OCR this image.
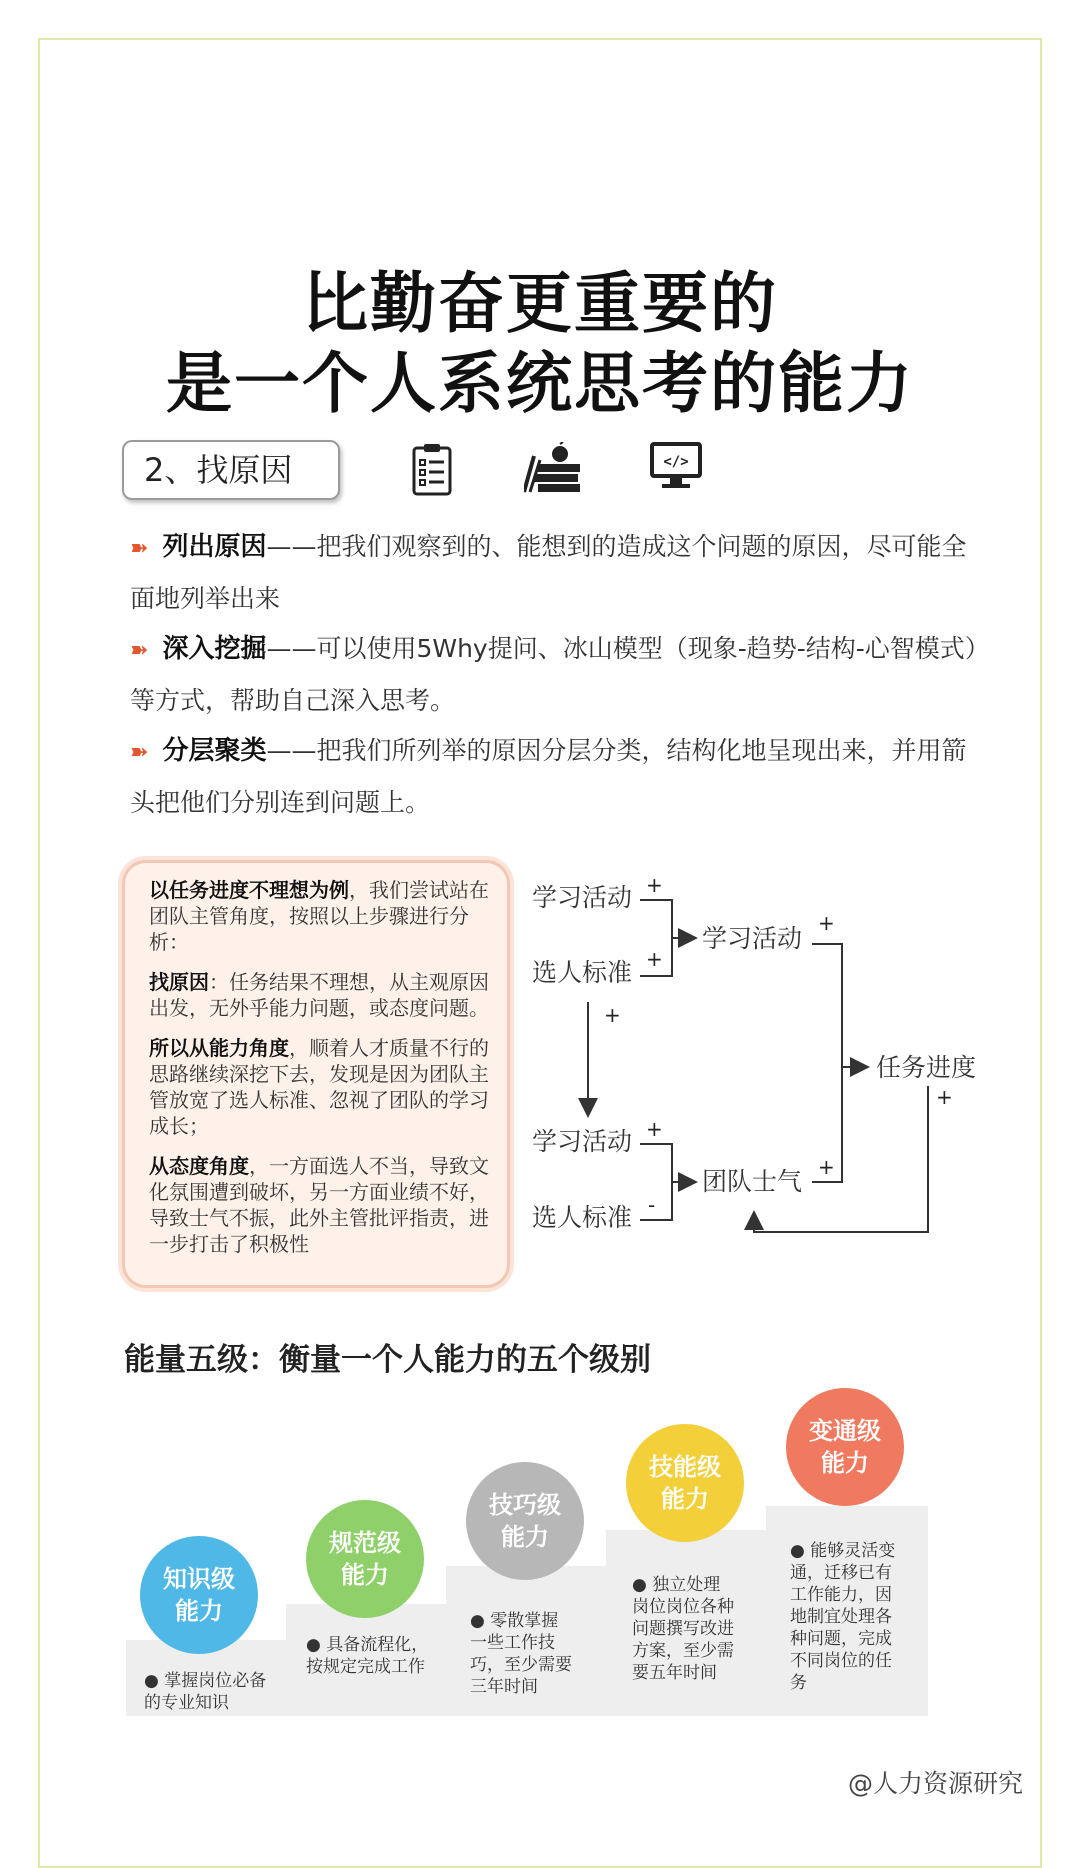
比勤奋更重要的
是一个人系统思考的能力
2、找原因	</>
➽ 列出原因——把我们观察到的、能想到的造成这个问题的原因，尽可能全面地列举出来
➽ 深入挖掘——可以使用5Why提问、冰山模型（现象-趋势-结构-心智模式）等方式，帮助自己深入思考。
➽ 分层聚类——把我们所列举的原因分层分类，结构化地呈现出来，并用箭头把他们分别连到问题上。

以任务进度不理想为例，我们尝试站在团队主管角度，按照以上步骤进行分析：

找原因：任务结果不理想，从主观原因出发，无外乎能力问题，或态度问题。

所以从能力角度，顺着人才质量不行的思路继续深挖下去，发现是因为团队主管放宽了选人标准、忽视了团队的学习成长；

从态度角度，一方面选人不当，导致文化氛围遭到破坏，另一方面业绩不好，导致士气不振，此外主管批评指责，进一步打击了积极性

学习活动 +
选人标准 +
学习活动
+
+
学习活动 +
选人标准 -
团队士气 +
任务进度
+
能量五级：衡量一个人能力的五个级别
知识级
能力
规范级
能力
技巧级
能力
技能级
能力
变通级
能力
● 掌握岗位必备的专业知识
● 具备流程化，按规定完成工作
● 零散掌握一些工作技巧，至少需要三年时间
● 独立处理岗位岗位各种问题撰写改进方案，至少需要五年时间
● 能够灵活变通，迁移已有工作能力，因地制宜处理各种问题，完成不同岗位的任务
@人力资源研究
